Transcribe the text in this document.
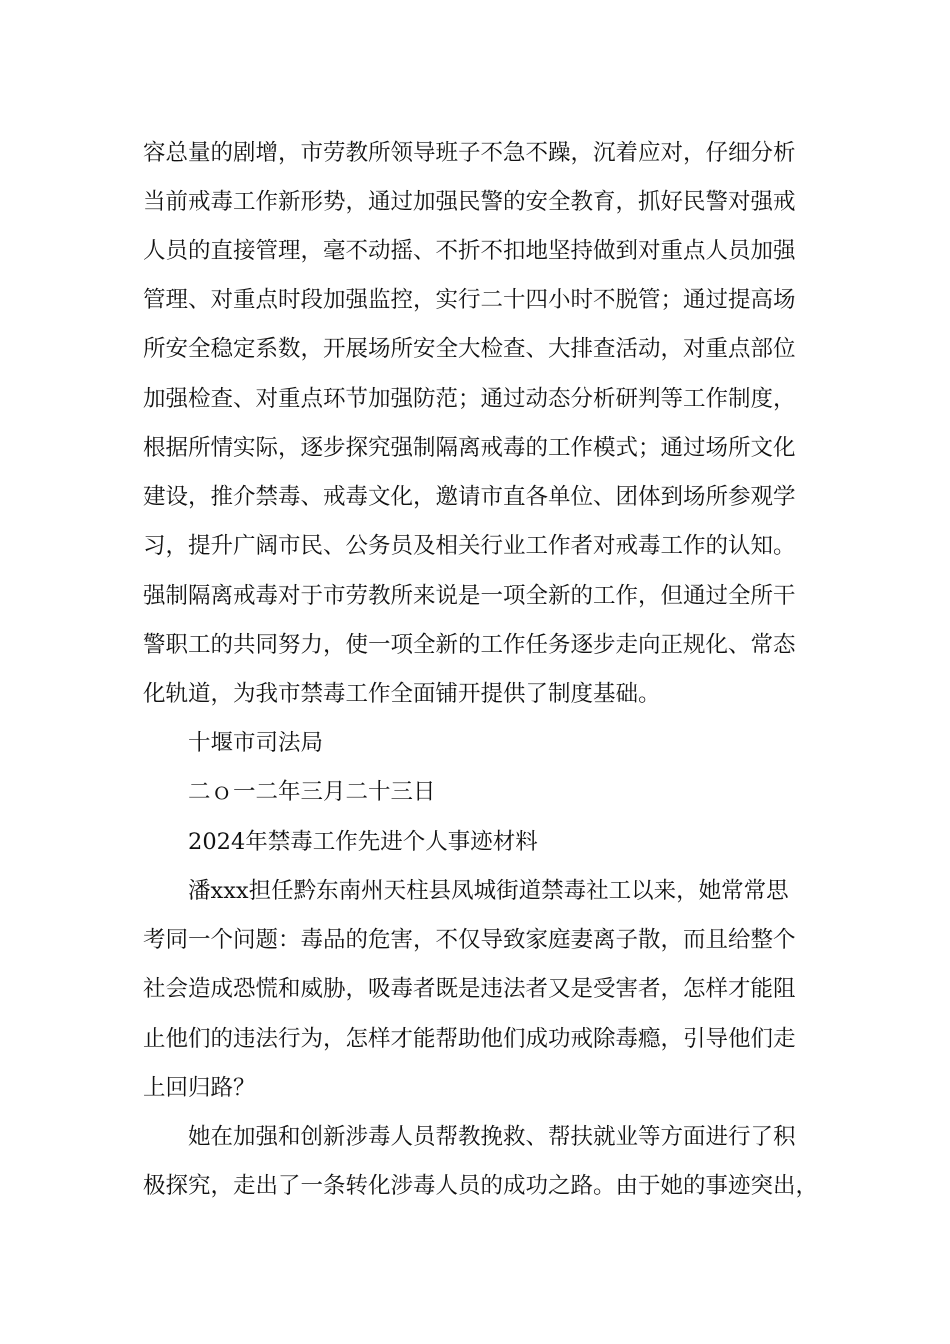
容总量的剧增，市劳教所领导班子不急不躁，沉着应对，仔细分析
当前戒毒工作新形势，通过加强民警的安全教育，抓好民警对强戒
人员的直接管理，毫不动摇、不折不扣地坚持做到对重点人员加强
管理、对重点时段加强监控，实行二十四小时不脱管；通过提高场
所安全稳定系数，开展场所安全大检查、大排查活动，对重点部位
加强检查、对重点环节加强防范；通过动态分析研判等工作制度，
根据所情实际，逐步探究强制隔离戒毒的工作模式；通过场所文化
建设，推介禁毒、戒毒文化，邀请市直各单位、团体到场所参观学
习，提升广阔市民、公务员及相关行业工作者对戒毒工作的认知。
强制隔离戒毒对于市劳教所来说是一项全新的工作，但通过全所干
警职工的共同努力，使一项全新的工作任务逐步走向正规化、常态
化轨道，为我市禁毒工作全面铺开提供了制度基础。
十堰市司法局
二ｏ一二年三月二十三日
2024年禁毒工作先进个人事迹材料
潘xxx担任黔东南州天柱县凤城街道禁毒社工以来，她常常思
考同一个问题：毒品的危害，不仅导致家庭妻离子散，而且给整个
社会造成恐慌和威胁，吸毒者既是违法者又是受害者，怎样才能阻
止他们的违法行为，怎样才能帮助他们成功戒除毒瘾，引导他们走
上回归路？
她在加强和创新涉毒人员帮教挽救、帮扶就业等方面进行了积
极探究，走出了一条转化涉毒人员的成功之路。由于她的事迹突出，
